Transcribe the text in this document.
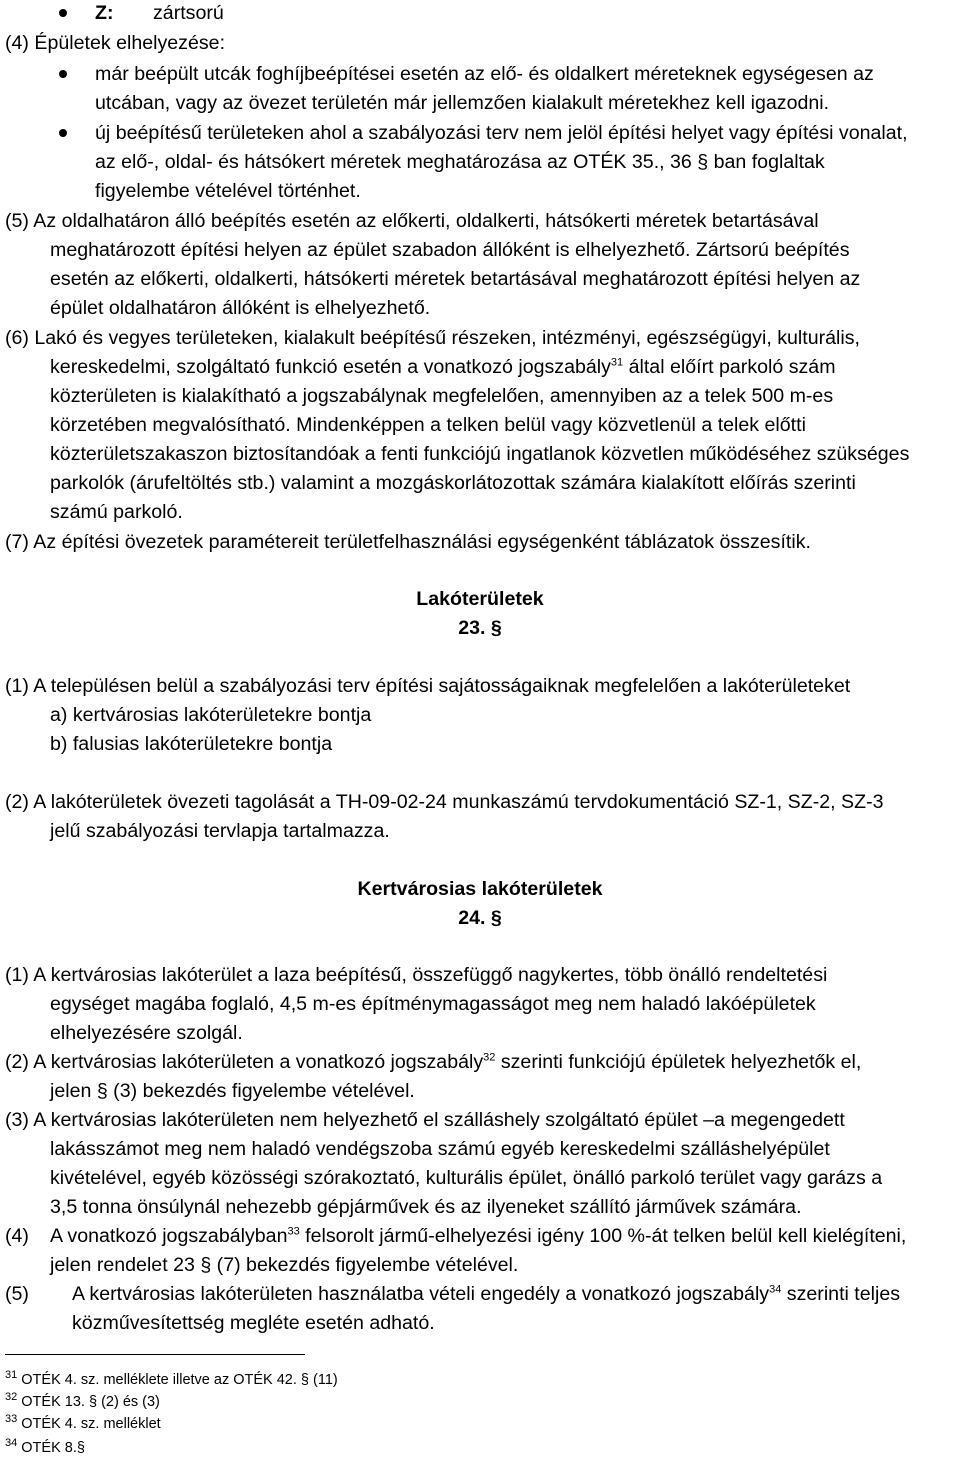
Z: zártsorú
(4) Épületek elhelyezése:
már beépült utcák foghíjbeépítései esetén az elő- és oldalkert méreteknek egységesen az
utcában, vagy az övezet területén már jellemzően kialakult méretekhez kell igazodni.
új beépítésű területeken ahol a szabályozási terv nem jelöl építési helyet vagy építési vonalat,
az elő-, oldal- és hátsókert méretek meghatározása az OTÉK 35., 36 § ban foglaltak
figyelembe vételével történhet.
(5) Az oldalhatáron álló beépítés esetén az előkerti, oldalkerti, hátsókerti méretek betartásával
meghatározott építési helyen az épület szabadon állóként is elhelyezhető. Zártsorú beépítés
esetén az előkerti, oldalkerti, hátsókerti méretek betartásával meghatározott építési helyen az
épület oldalhatáron állóként is elhelyezhető.
(6) Lakó és vegyes területeken, kialakult beépítésű részeken, intézményi, egészségügyi, kulturális,
kereskedelmi, szolgáltató funkció esetén a vonatkozó jogszabály$^{31}$ által előírt parkoló szám
közterületen is kialakítható a jogszabálynak megfelelően, amennyiben az a telek 500 m-es
körzetében megvalósítható. Mindenképpen a telken belül vagy közvetlenül a telek előtti
közterületszakaszon biztosítandóak a fenti funkciójú ingatlanok közvetlen működéséhez szükséges
parkolók (árufeltöltés stb.) valamint a mozgáskorlátozottak számára kialakított előírás szerinti
számú parkoló.
(7) Az építési övezetek paramétereit területfelhasználási egységenként táblázatok összesítik.
Lakóterületek
23. §
(1) A településen belül a szabályozási terv építési sajátosságaiknak megfelelően a lakóterületeket
a) kertvárosias lakóterületekre bontja
b) falusias lakóterületekre bontja
(2) A lakóterületek övezeti tagolását a TH-09-02-24 munkaszámú tervdokumentáció SZ-1, SZ-2, SZ-3
jelű szabályozási tervlapja tartalmazza.
Kertvárosias lakóterületek
24. §
(1) A kertvárosias lakóterület a laza beépítésű, összefüggő nagykertes, több önálló rendeltetési
egységet magába foglaló, 4,5 m-es építménymagasságot meg nem haladó lakóépületek
elhelyezésére szolgál.
(2) A kertvárosias lakóterületen a vonatkozó jogszabály$^{32}$ szerinti funkciójú épületek helyezhetők el,
jelen § (3) bekezdés figyelembe vételével.
(3) A kertvárosias lakóterületen nem helyezhető el szálláshely szolgáltató épület –a megengedett
lakásszámot meg nem haladó vendégszoba számú egyéb kereskedelmi szálláshelyépület
kivételével, egyéb közösségi szórakoztató, kulturális épület, önálló parkoló terület vagy garázs a
3,5 tonna önsúlynál nehezebb gépjárművek és az ilyeneket szállító járművek számára.
(4) A vonatkozó jogszabályban$^{33}$ felsorolt jármű-elhelyezési igény 100 %-át telken belül kell kielégíteni,
jelen rendelet 23 § (7) bekezdés figyelembe vételével.
(5) A kertvárosias lakóterületen használatba vételi engedély a vonatkozó jogszabály$^{34}$ szerinti teljes
közművesítettség megléte esetén adható.
$^{31}$ OTÉK 4. sz. melléklete illetve az OTÉK 42. § (11)
$^{32}$ OTÉK 13. § (2) és (3)
$^{33}$ OTÉK 4. sz. melléklet
$^{34}$ OTÉK 8.§
